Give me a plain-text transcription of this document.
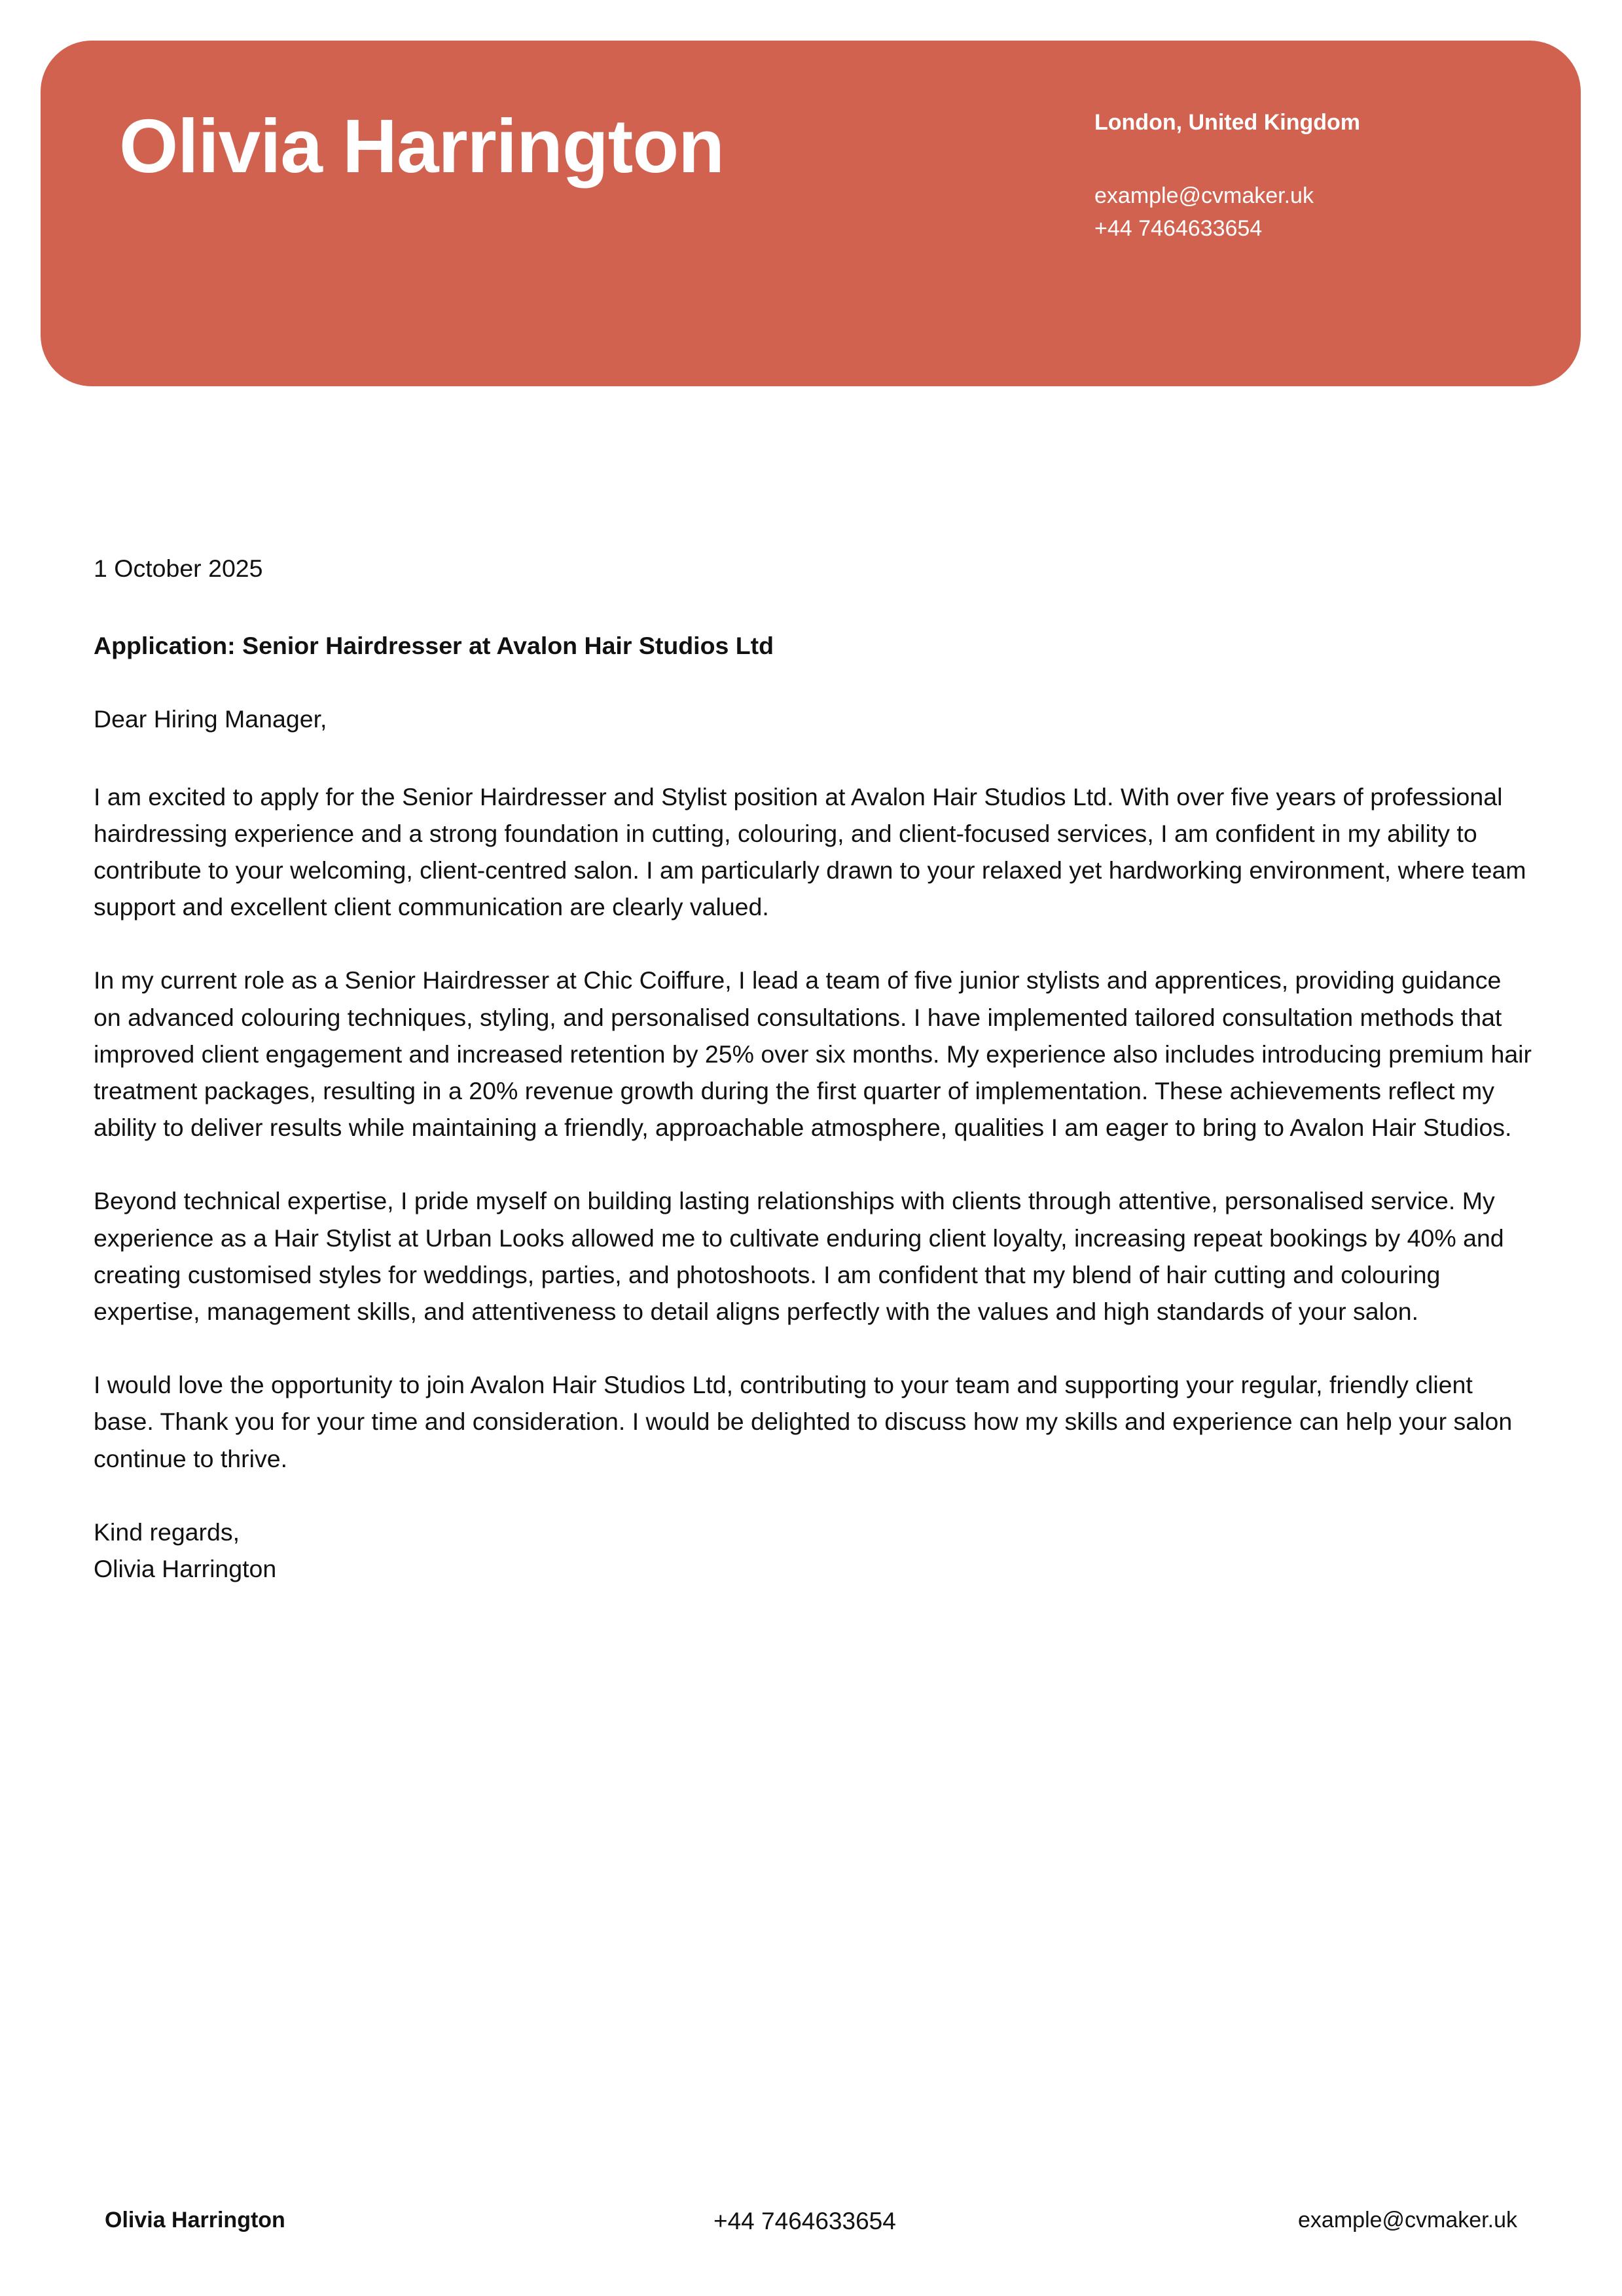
Olivia Harrington	London, United Kingdom
example@cvmaker.uk
+44 7464633654

1 October 2025

Application: Senior Hairdresser at Avalon Hair Studios Ltd

Dear Hiring Manager,

I am excited to apply for the Senior Hairdresser and Stylist position at Avalon Hair Studios Ltd. With over five years of professional hairdressing experience and a strong foundation in cutting, colouring, and client-focused services, I am confident in my ability to contribute to your welcoming, client-centred salon. I am particularly drawn to your relaxed yet hardworking environment, where team support and excellent client communication are clearly valued.

In my current role as a Senior Hairdresser at Chic Coiffure, I lead a team of five junior stylists and apprentices, providing guidance on advanced colouring techniques, styling, and personalised consultations. I have implemented tailored consultation methods that improved client engagement and increased retention by 25% over six months. My experience also includes introducing premium hair treatment packages, resulting in a 20% revenue growth during the first quarter of implementation. These achievements reflect my ability to deliver results while maintaining a friendly, approachable atmosphere, qualities I am eager to bring to Avalon Hair Studios.

Beyond technical expertise, I pride myself on building lasting relationships with clients through attentive, personalised service. My experience as a Hair Stylist at Urban Looks allowed me to cultivate enduring client loyalty, increasing repeat bookings by 40% and creating customised styles for weddings, parties, and photoshoots. I am confident that my blend of hair cutting and colouring expertise, management skills, and attentiveness to detail aligns perfectly with the values and high standards of your salon.

I would love the opportunity to join Avalon Hair Studios Ltd, contributing to your team and supporting your regular, friendly client base. Thank you for your time and consideration. I would be delighted to discuss how my skills and experience can help your salon continue to thrive.

Kind regards,

Olivia Harrington

Olivia Harrington	+44 7464633654	example@cvmaker.uk
